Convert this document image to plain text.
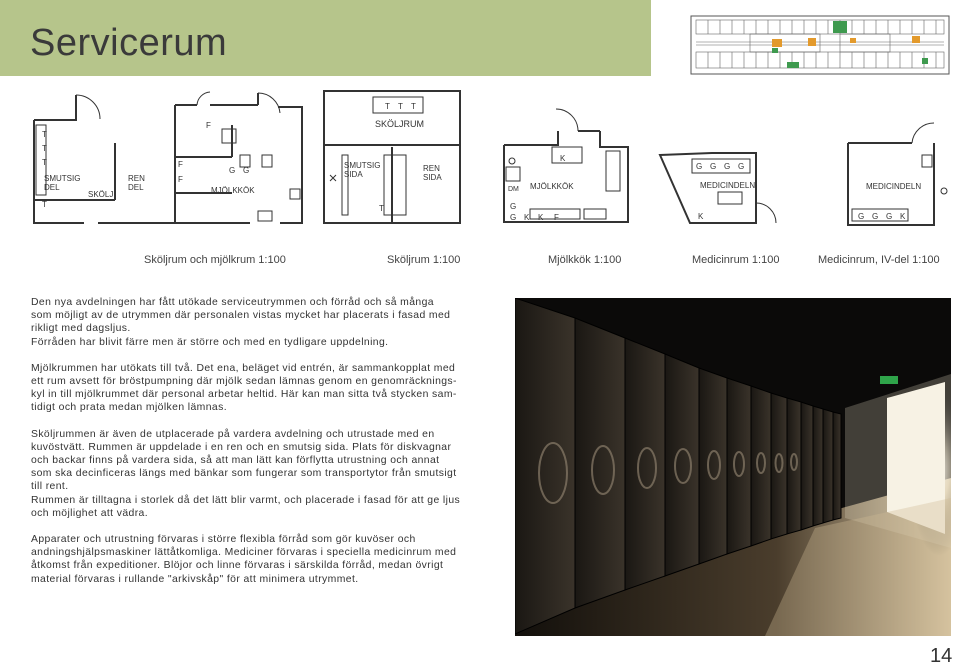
Servicerum
T
T
T
T
SMUTSIG
DEL
SKÖLJ
REN
DEL
F
F
F
G G
MJÖLKKÖK
T T T
SKÖLJRUM
SMUTSIG
SIDA
REN
SIDA
T
K
DM MJÖLKKÖK
G
G K K F
G G G G
MEDICINDELN
K
MEDICINDELN
G G G K
Sköljrum och mjölkrum 1:100	Sköljrum 1:100	Mjölkkök 1:100	Medicinrum 1:100	Medicinrum, IV-del 1:100

Den nya avdelningen har fått utökade serviceutrymmen och förråd och så många
som möjligt av de utrymmen där personalen vistas mycket har placerats i fasad med
rikligt med dagsljus.
Förråden har blivit färre men är större och med en tydligare uppdelning.

Mjölkrummen har utökats till två. Det ena, beläget vid entrén, är sammankopplat med
ett rum avsett för bröstpumpning där mjölk sedan lämnas genom en genomräcknings-
kyl in till mjölkrummet där personal arbetar heltid. Här kan man sitta två stycken sam-
tidigt och prata medan mjölken lämnas.

Sköljrummen är även de utplacerade på vardera avdelning och utrustade med en
kuvöstvätt. Rummen är uppdelade i en ren och en smutsig sida. Plats för diskvagnar
och backar finns på vardera sida, så att man lätt kan förflytta utrustning och annat
som ska decinficeras längs med bänkar som fungerar som transportytor från smutsigt
till rent.
Rummen är tilltagna i storlek då det lätt blir varmt, och placerade i fasad för att ge ljus
och möjlighet att vädra.

Apparater och utrustning förvaras i större flexibla förråd som gör kuvöser och
andningshjälpsmaskiner lättåtkomliga. Mediciner förvaras i speciella medicinrum med
åtkomst från expeditioner. Blöjor och linne förvaras i särskilda förråd, medan övrigt
material förvaras i rullande "arkivskåp" för att minimera utrymmet.

14
